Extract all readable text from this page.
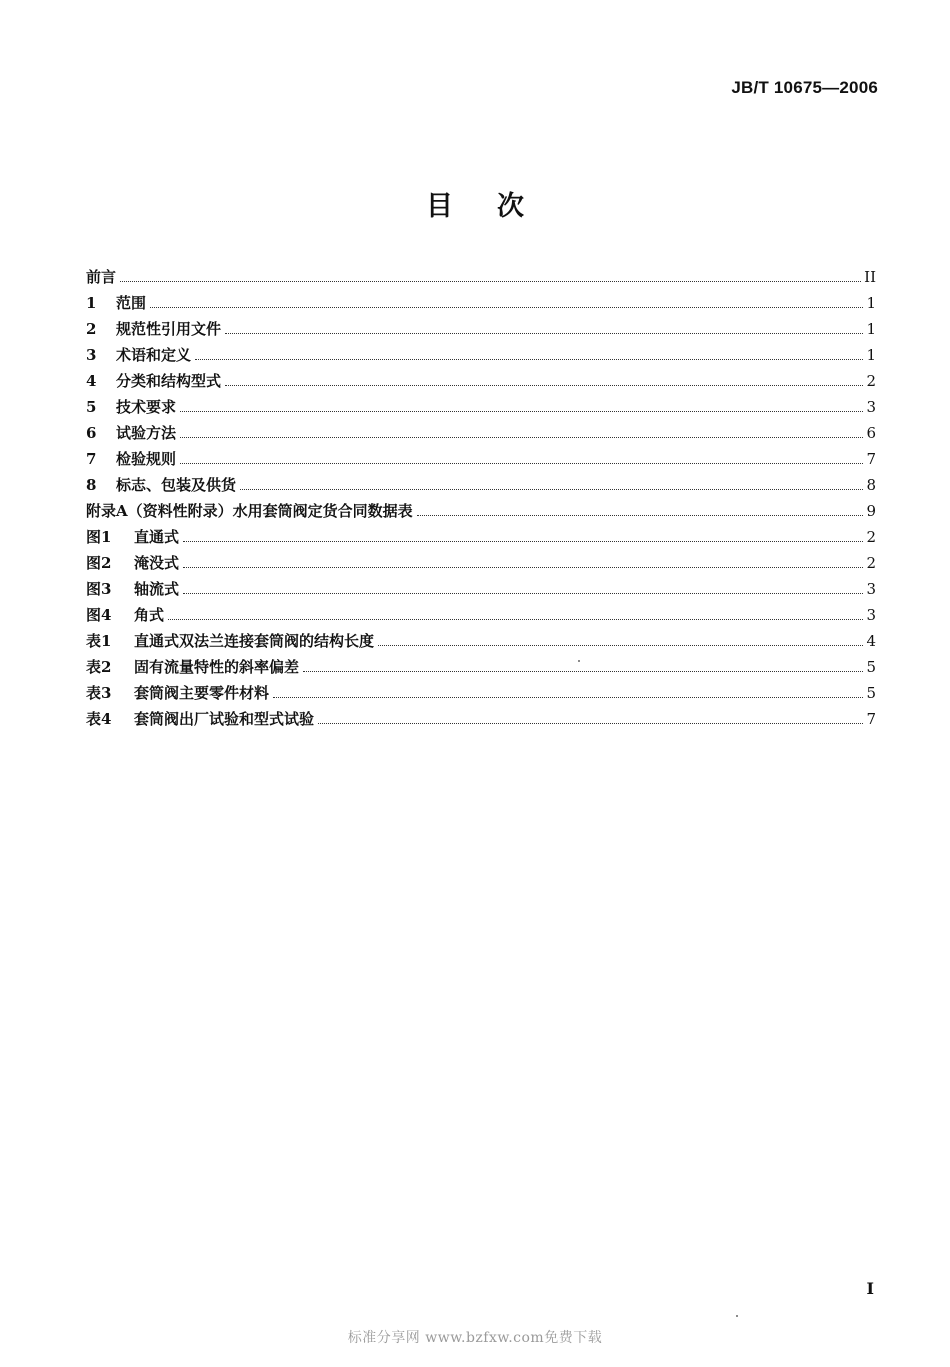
JB/T 10675—2006
目次
前言	II
1	范围	1
2	规范性引用文件	1
3	术语和定义	1
4	分类和结构型式	2
5	技术要求	3
6	试验方法	6
7	检验规则	7
8	标志、包装及供货	8
附录A（资料性附录）水用套筒阀定货合同数据表	9
图1	直通式	2
图2	淹没式	2
图3	轴流式	3
图4	角式	3
表1	直通式双法兰连接套筒阀的结构长度	4
表2	固有流量特性的斜率偏差	5
表3	套筒阀主要零件材料	5
表4	套筒阀出厂试验和型式试验	7
I
标准分享网 www.bzfxw.com免费下载
